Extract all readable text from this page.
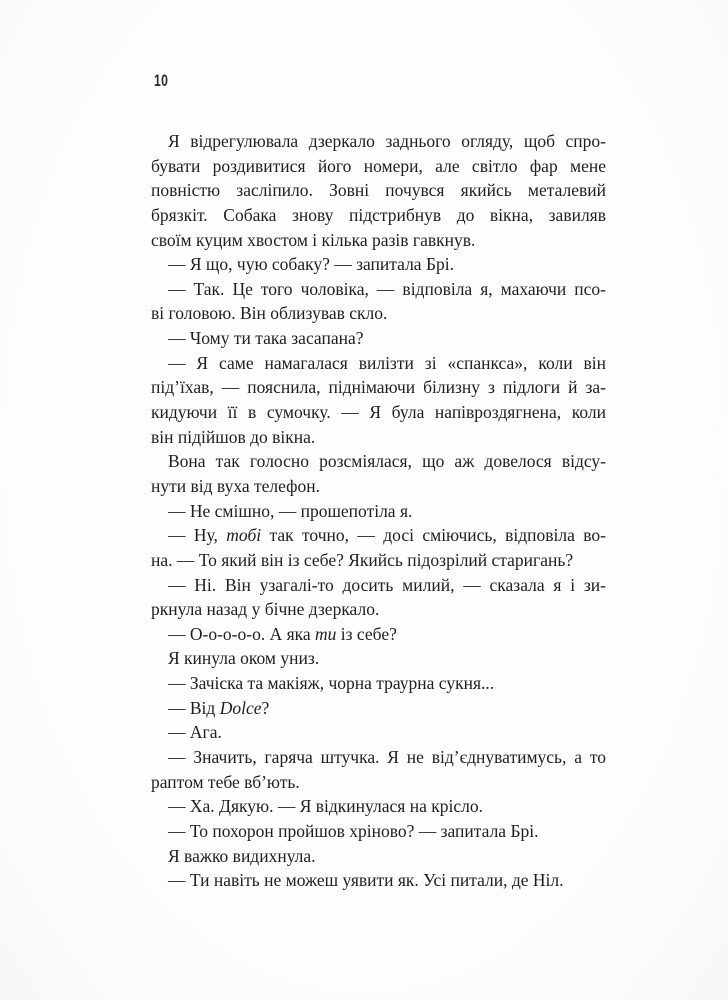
10
Я відрегулювала дзеркало заднього огляду, щоб спро-
бувати роздивитися його номери, але світло фар мене
повністю засліпило. Зовні почувся якийсь металевий
брязкіт. Собака знову підстрибнув до вікна, завиляв
своїм куцим хвостом і кілька разів гавкнув.
— Я що, чую собаку? — запитала Брі.
— Так. Це того чоловіка, — відповіла я, махаючи псо-
ві головою. Він облизував скло.
— Чому ти така засапана?
— Я саме намагалася вилізти зі «спанкса», коли він
під’їхав, — пояснила, піднімаючи білизну з підлоги й за-
кидуючи її в сумочку. — Я була напівроздягнена, коли
він підійшов до вікна.
Вона так голосно розсміялася, що аж довелося відсу-
нути від вуха телефон.
— Не смішно, — прошепотіла я.
— Ну, тобі так точно, — досі сміючись, відповіла во-
на. — То який він із себе? Якийсь підозрілий старигань?
— Ні. Він узагалі-то досить милий, — сказала я і зи-
ркнула назад у бічне дзеркало.
— О-о-о-о-о. А яка ти із себе?
Я кинула оком униз.
— Зачіска та макіяж, чорна траурна сукня...
— Від Dolce?
— Ага.
— Значить, гаряча штучка. Я не від’єднуватимусь, а то
раптом тебе вб’ють.
— Ха. Дякую. — Я відкинулася на крісло.
— То похорон пройшов хріново? — запитала Брі.
Я важко видихнула.
— Ти навіть не можеш уявити як. Усі питали, де Ніл.
